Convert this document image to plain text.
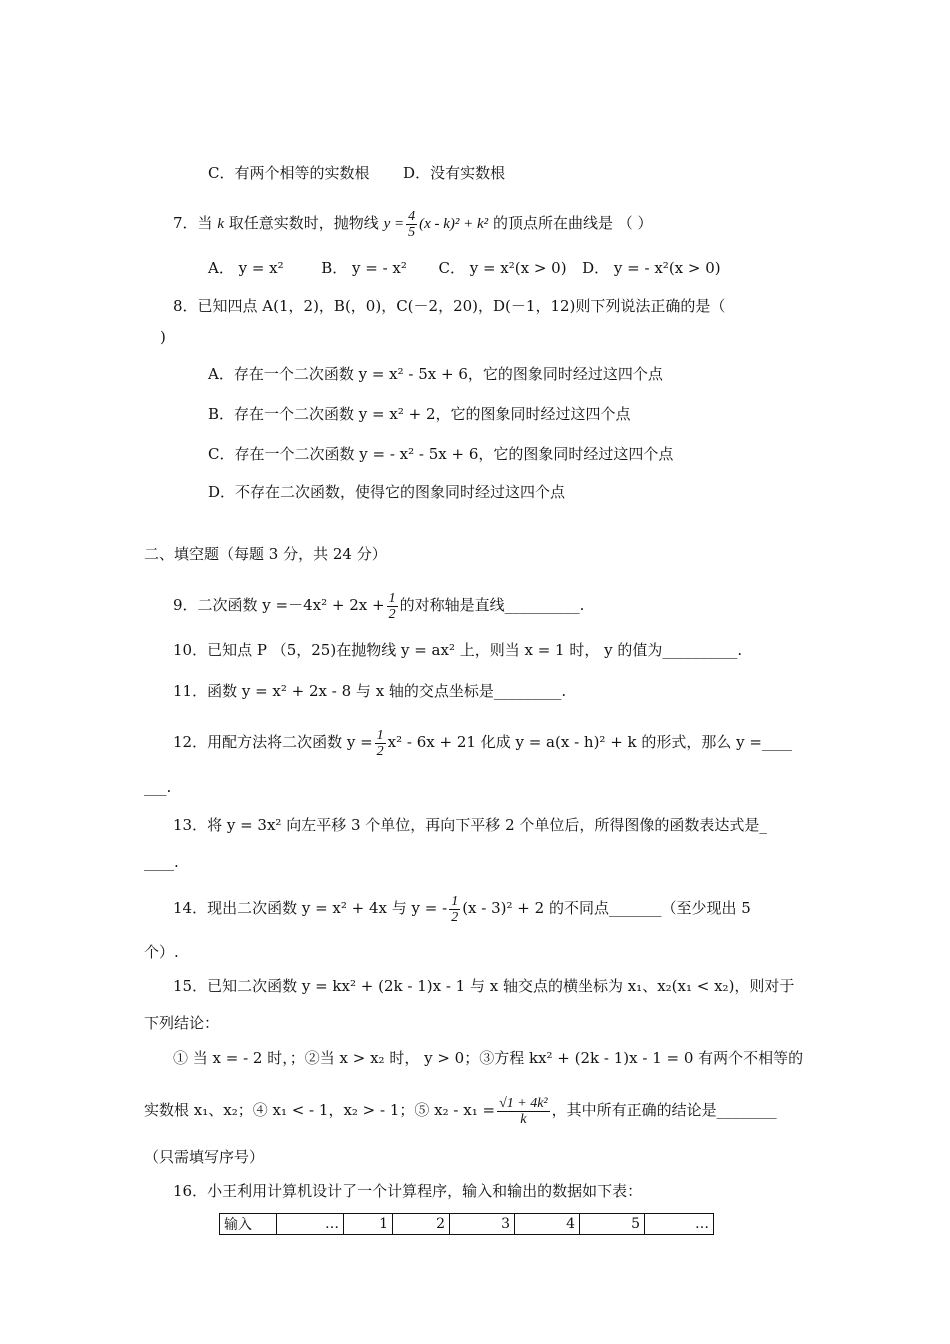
C．有两个相等的实数根 D．没有实数根
7．当 k 取任意实数时，抛物线 $y = \frac{4}{5} (x - k)^2 + k^2$ 的顶点所在曲线是 （ ）
A． y = x²	B． y = - x² C． y = x²(x > 0) D． y = - x²(x > 0)
8．已知四点 A(1，2)，B(，0)，C(－2，20)，D(－1，12)则下列说法正确的是（
)
A．存在一个二次函数 y = x² - 5x + 6，它的图象同时经过这四个点
B．存在一个二次函数 y = x² + 2，它的图象同时经过这四个点
C．存在一个二次函数 y = - x² - 5x + 6，它的图象同时经过这四个点
D．不存在二次函数，使得它的图象同时经过这四个点
二、填空题（每题 3 分，共 24 分）
9．二次函数 $y =-4x^2 + 2x + \frac{1}{2}$ 的对称轴是直线__________.
10．已知点 P （5，25)在抛物线 y = ax² 上，则当 x = 1 时， y 的值为__________.
11．函数 y = x² + 2x - 8 与 x 轴的交点坐标是_________.
12．用配方法将二次函数 $y = \frac{1}{2} x^2 - 6x + 21$ 化成 y = a(x - h)² + k 的形式，那么 y =____
___.
13．将 y = 3x² 向左平移 3 个单位，再向下平移 2 个单位后，所得图像的函数表达式是_
____.
14．现出二次函数 y = x² + 4x 与 y = - $\frac{1}{2} (x - 3)^2 + 2$ 的不同点_______（至少现出 5
个）.
15．已知二次函数 y = kx² + (2k - 1)x - 1 与 x 轴交点的横坐标为 x₁、x₂(x₁ < x₂)，则对于
下列结论：
① 当 x = - 2 时，；②当 x > x₂ 时， y > 0；③方程 kx² + (2k - 1)x - 1 = 0 有两个不相等的
实数根 x₁、x₂；④ x₁ < - 1，x₂ > - 1；⑤ $x_2 - x_1 = \frac{\text{√1 + 4k²}}{k}$ ，其中所有正确的结论是________
（只需填写序号）
16．小王利用计算机设计了一个计算程序，输入和输出的数据如下表：
输入	…	1	2	3	4	5	…
